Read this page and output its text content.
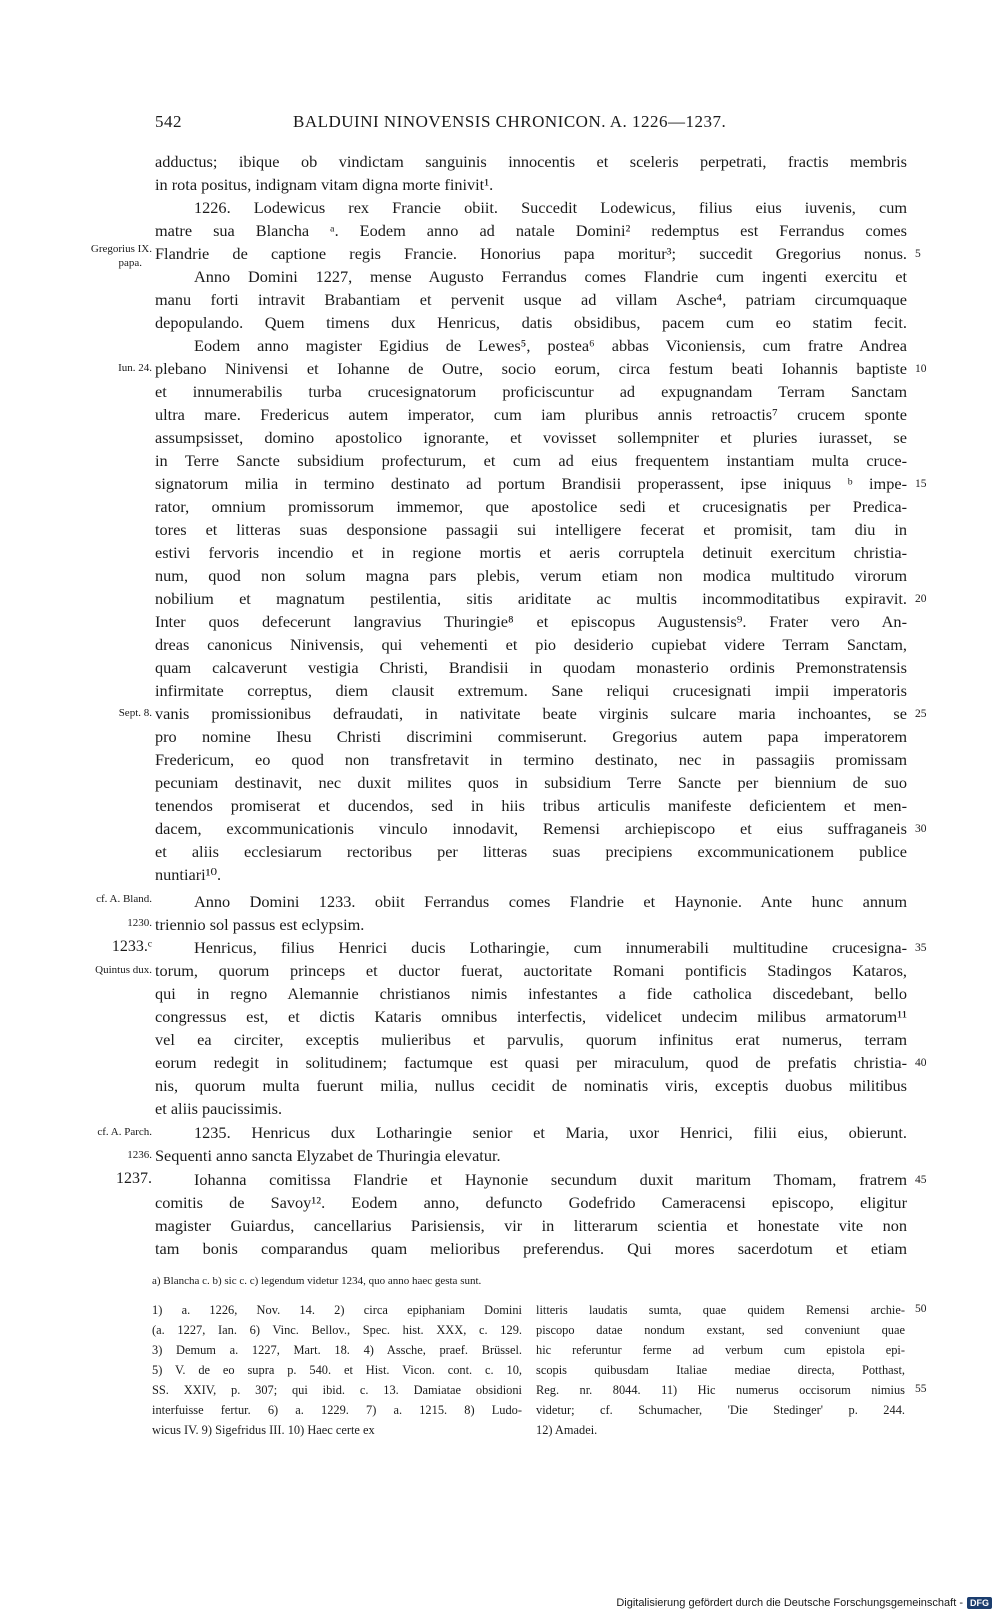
542	BALDUINI NINOVENSIS CHRONICON. A. 1226—1237.
adductus; ibique ob vindictam sanguinis innocentis et sceleris perpetrati, fractis membris
in rota positus, indignam vitam digna morte finivit¹.
1226. Lodewicus rex Francie obiit. Succedit Lodewicus, filius eius iuvenis, cum
matre sua Blancha ᵃ. Eodem anno ad natale Domini² redemptus est Ferrandus comes
Flandrie de captione regis Francie. Honorius papa moritur³; succedit Gregorius nonus.
Anno Domini 1227, mense Augusto Ferrandus comes Flandrie cum ingenti exercitu et
manu forti intravit Brabantiam et pervenit usque ad villam Asche⁴, patriam circumquaque
depopulando. Quem timens dux Henricus, datis obsidibus, pacem cum eo statim fecit.
Eodem anno magister Egidius de Lewes⁵, postea⁶ abbas Viconiensis, cum fratre Andrea
plebano Ninivensi et Iohanne de Outre, socio eorum, circa festum beati Iohannis baptiste
et innumerabilis turba crucesignatorum proficiscuntur ad expugnandam Terram Sanctam
ultra mare. Fredericus autem imperator, cum iam pluribus annis retroactis⁷ crucem sponte
assumpsisset, domino apostolico ignorante, et vovisset sollempniter et pluries iurasset, se
in Terre Sancte subsidium profecturum, et cum ad eius frequentem instantiam multa cruce-
signatorum milia in termino destinato ad portum Brandisii properassent, ipse iniquus ᵇ impe-
rator, omnium promissorum immemor, que apostolice sedi et crucesignatis per Predica-
tores et litteras suas desponsione passagii sui intelligere fecerat et promisit, tam diu in
estivi fervoris incendio et in regione mortis et aeris corruptela detinuit exercitum christia-
num, quod non solum magna pars plebis, verum etiam non modica multitudo virorum
nobilium et magnatum pestilentia, sitis ariditate ac multis incommoditatibus expiravit.
Inter quos defecerunt langravius Thuringie⁸ et episcopus Augustensis⁹. Frater vero An-
dreas canonicus Ninivensis, qui vehementi et pio desiderio cupiebat videre Terram Sanctam,
quam calcaverunt vestigia Christi, Brandisii in quodam monasterio ordinis Premonstratensis
infirmitate correptus, diem clausit extremum. Sane reliqui crucesignati impii imperatoris
vanis promissionibus defraudati, in nativitate beate virginis sulcare maria inchoantes, se
pro nomine Ihesu Christi discrimini commiserunt. Gregorius autem papa imperatorem
Fredericum, eo quod non transfretavit in termino destinato, nec in passagiis promissam
pecuniam destinavit, nec duxit milites quos in subsidium Terre Sancte per biennium de suo
tenendos promiserat et ducendos, sed in hiis tribus articulis manifeste deficientem et men-
dacem, excommunicationis vinculo innodavit, Remensi archiepiscopo et eius suffraganeis
et aliis ecclesiarum rectoribus per litteras suas precipiens excommunicationem publice
nuntiari¹⁰.
Anno Domini 1233. obiit Ferrandus comes Flandrie et Haynonie. Ante hunc annum
triennio sol passus est eclypsim.
Henricus, filius Henrici ducis Lotharingie, cum innumerabili multitudine crucesigna-
torum, quorum princeps et ductor fuerat, auctoritate Romani pontificis Stadingos Kataros,
qui in regno Alemannie christianos nimis infestantes a fide catholica discedebant, bello
congressus est, et dictis Kataris omnibus interfectis, videlicet undecim milibus armatorum¹¹
vel ea circiter, exceptis mulieribus et parvulis, quorum infinitus erat numerus, terram
eorum redegit in solitudinem; factumque est quasi per miraculum, quod de prefatis christia-
nis, quorum multa fuerunt milia, nullus cecidit de nominatis viris, exceptis duobus militibus
et aliis paucissimis.
1235. Henricus dux Lotharingie senior et Maria, uxor Henrici, filii eius, obierunt.
Sequenti anno sancta Elyzabet de Thuringia elevatur.
Iohanna comitissa Flandrie et Haynonie secundum duxit maritum Thomam, fratrem
comitis de Savoy¹². Eodem anno, defuncto Godefrido Cameracensi episcopo, eligitur
magister Guiardus, cancellarius Parisiensis, vir in litterarum scientia et honestate vite non
tam bonis comparandus quam melioribus preferendus. Qui mores sacerdotum et etiam
Gregorius IX.
papa.
Iun. 24.
Sept. 8.
cf. A. Bland.
1230.
1233.ᶜ
Quintus dux.
cf. A. Parch.
1236.
1237.
5
10
15
20
25
30
35
40
45
a) Blancha c. b) sic c. c) legendum videtur 1234, quo anno haec gesta sunt.
1) a. 1226, Nov. 14. 2) circa epiphaniam Domini
(a. 1227, Ian. 6) Vinc. Bellov., Spec. hist. XXX, c. 129.
3) Demum a. 1227, Mart. 18. 4) Assche, praef. Brüssel.
5) V. de eo supra p. 540. et Hist. Vicon. cont. c. 10,
SS. XXIV, p. 307; qui ibid. c. 13. Damiatae obsidioni
interfuisse fertur. 6) a. 1229. 7) a. 1215. 8) Ludo-
wicus IV. 9) Sigefridus III. 10) Haec certe ex
litteris laudatis sumta, quae quidem Remensi archie-
piscopo datae nondum exstant, sed conveniunt quae
hic referuntur ferme ad verbum cum epistola epi-
scopis quibusdam Italiae mediae directa, Potthast,
Reg. nr. 8044. 11) Hic numerus occisorum nimius
videtur; cf. Schumacher, 'Die Stedinger' p. 244.
12) Amadei.
50
55
Digitalisierung gefördert durch die Deutsche Forschungsgemeinschaft - DFG
